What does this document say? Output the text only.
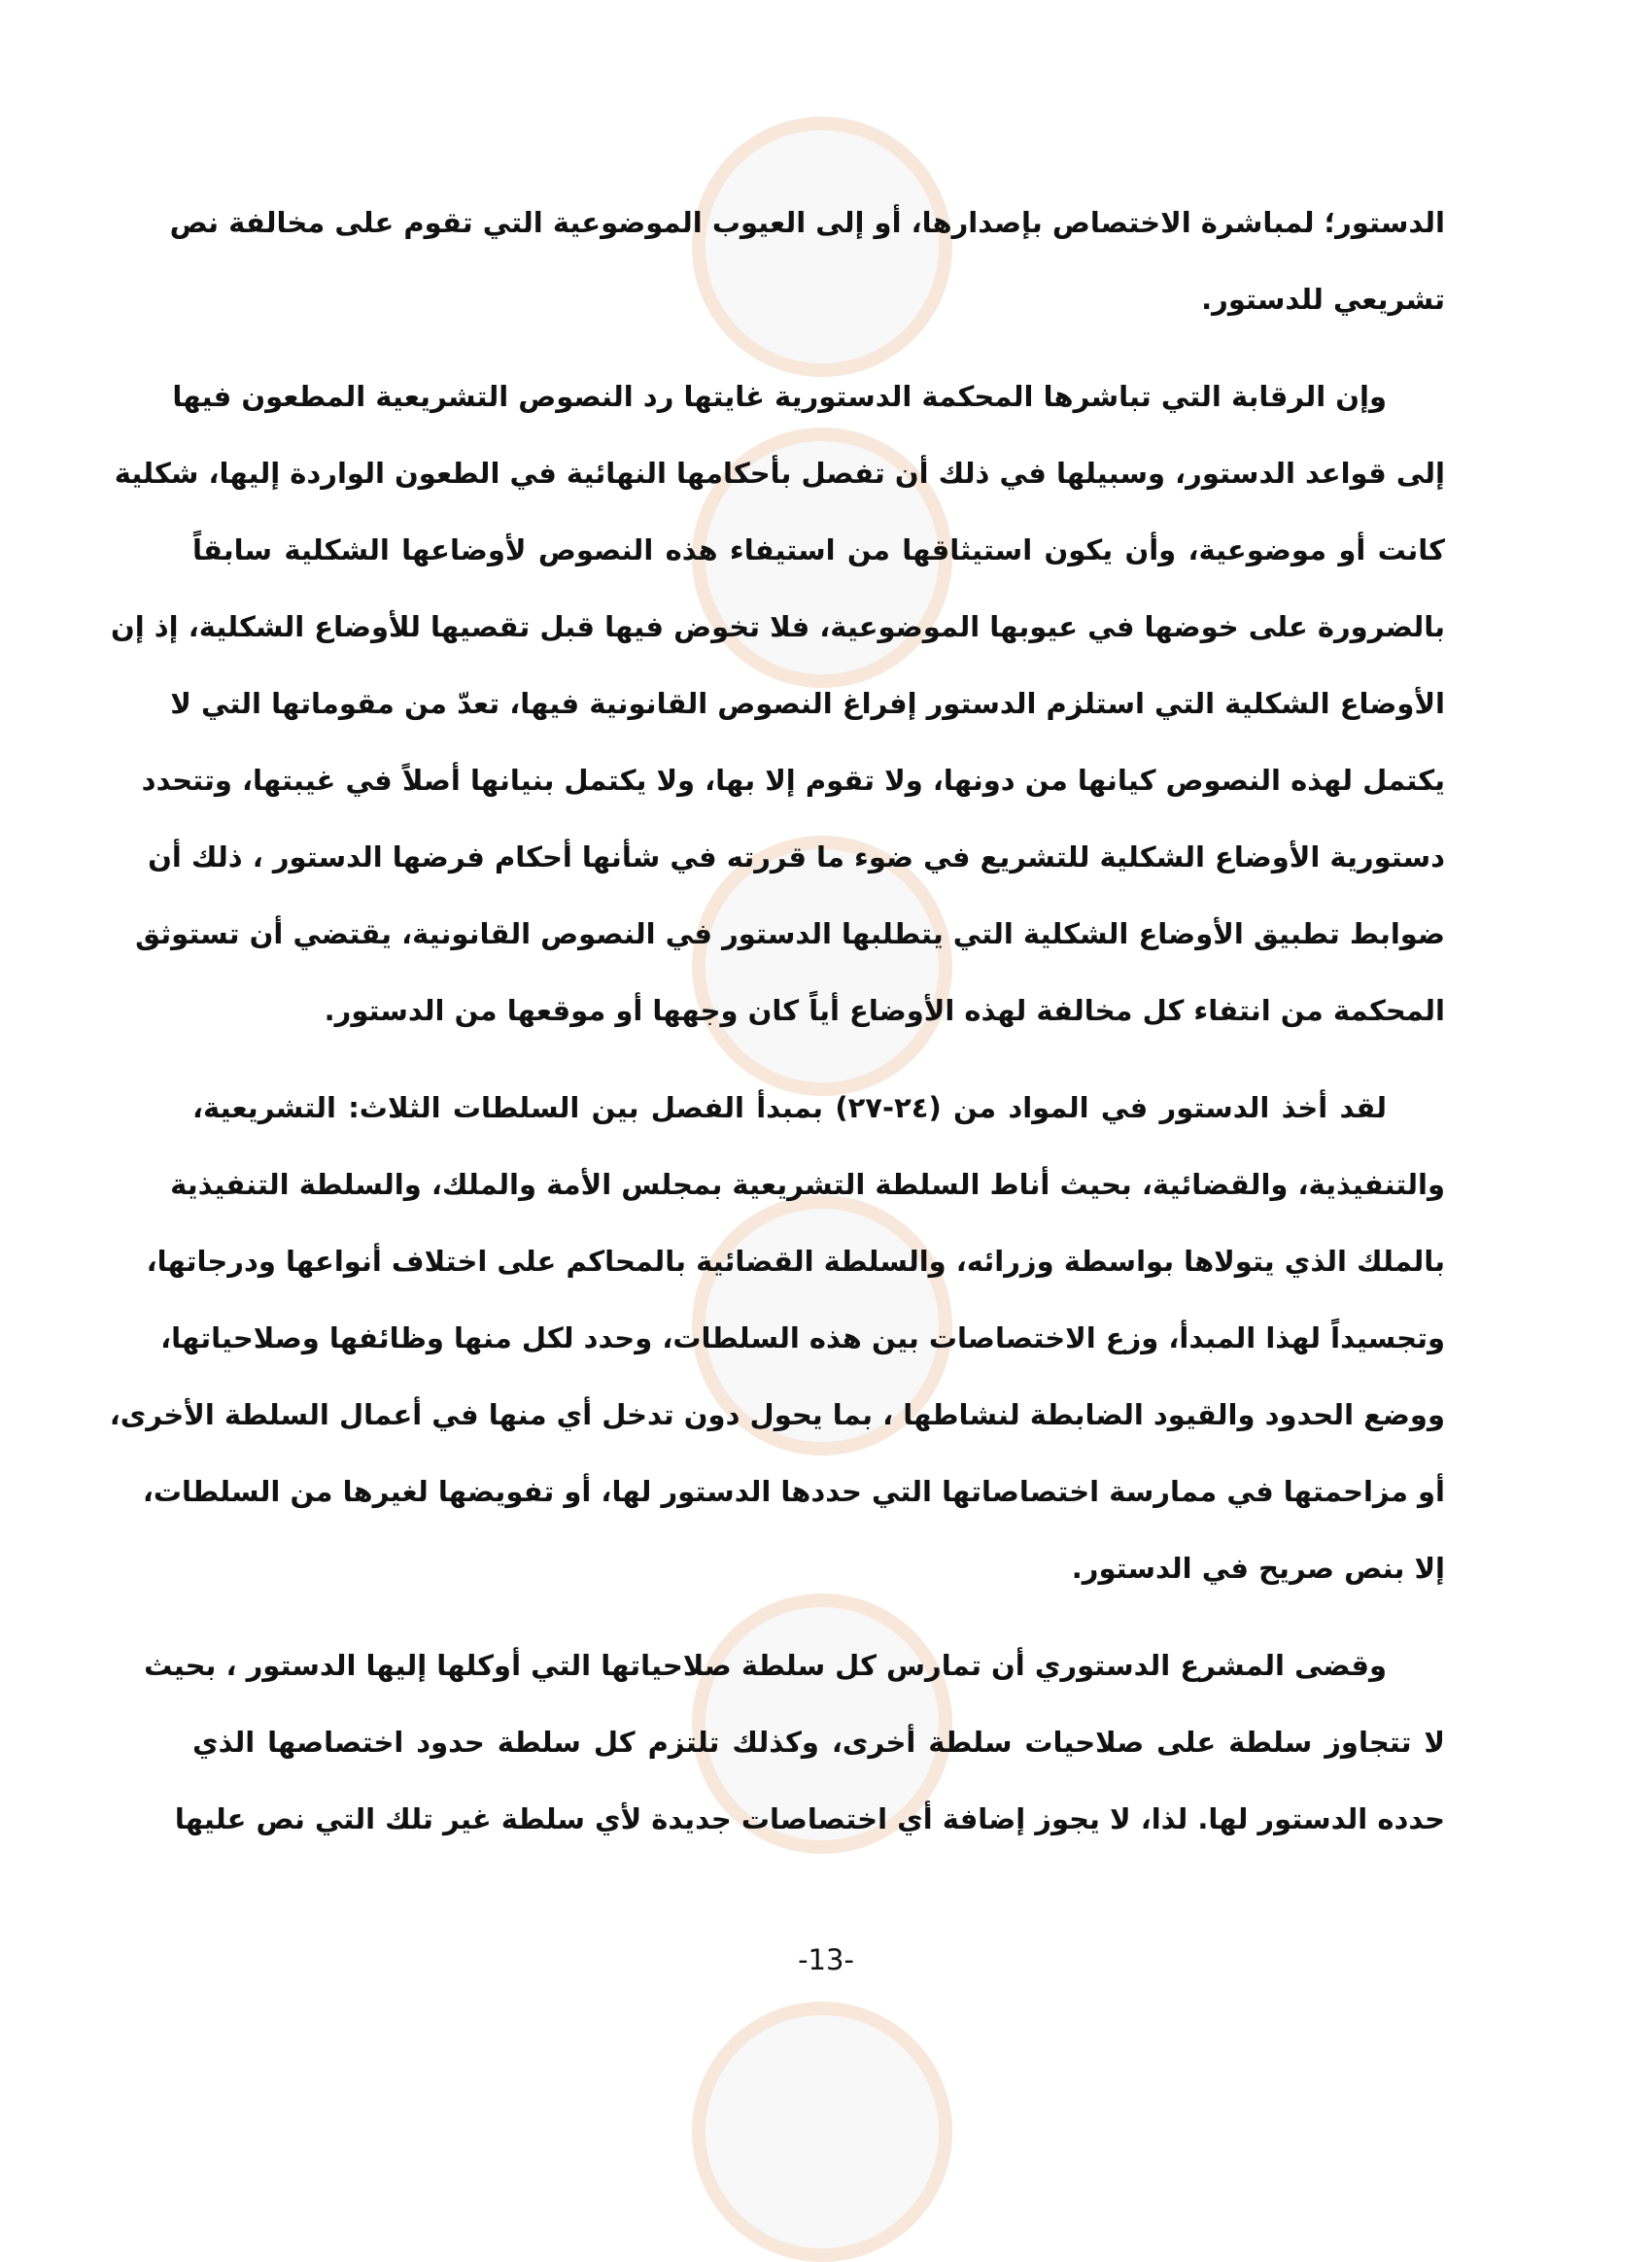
الدستور؛ لمباشرة الاختصاص بإصدارها، أو إلى العيوب الموضوعية التي تقوم على مخالفة نص
تشريعي للدستور.
وإن الرقابة التي تباشرها المحكمة الدستورية غايتها رد النصوص التشريعية المطعون فيها
إلى قواعد الدستور، وسبيلها في ذلك أن تفصل بأحكامها النهائية في الطعون الواردة إليها، شكلية
كانت أو موضوعية، وأن يكون استيثاقها من استيفاء هذه النصوص لأوضاعها الشكلية سابقاً
بالضرورة على خوضها في عيوبها الموضوعية، فلا تخوض فيها قبل تقصيها للأوضاع الشكلية، إذ إن
الأوضاع الشكلية التي استلزم الدستور إفراغ النصوص القانونية فيها، تعدّ من مقوماتها التي لا
يكتمل لهذه النصوص كيانها من دونها، ولا تقوم إلا بها، ولا يكتمل بنيانها أصلاً في غيبتها، وتتحدد
دستورية الأوضاع الشكلية للتشريع في ضوء ما قررته في شأنها أحكام فرضها الدستور ، ذلك أن
ضوابط تطبيق الأوضاع الشكلية التي يتطلبها الدستور في النصوص القانونية، يقتضي أن تستوثق
المحكمة من انتفاء كل مخالفة لهذه الأوضاع أياً كان وجهها أو موقعها من الدستور.
لقد أخذ الدستور في المواد من (٢٤-٢٧) بمبدأ الفصل بين السلطات الثلاث: التشريعية،
والتنفيذية، والقضائية، بحيث أناط السلطة التشريعية بمجلس الأمة والملك، والسلطة التنفيذية
بالملك الذي يتولاها بواسطة وزرائه، والسلطة القضائية بالمحاكم على اختلاف أنواعها ودرجاتها،
وتجسيداً لهذا المبدأ، وزع الاختصاصات بين هذه السلطات، وحدد لكل منها وظائفها وصلاحياتها،
ووضع الحدود والقيود الضابطة لنشاطها ، بما يحول دون تدخل أي منها في أعمال السلطة الأخرى،
أو مزاحمتها في ممارسة اختصاصاتها التي حددها الدستور لها، أو تفويضها لغيرها من السلطات،
إلا بنص صريح في الدستور.
وقضى المشرع الدستوري أن تمارس كل سلطة صلاحياتها التي أوكلها إليها الدستور ، بحيث
لا تتجاوز سلطة على صلاحيات سلطة أخرى، وكذلك تلتزم كل سلطة حدود اختصاصها الذي
حدده الدستور لها. لذا، لا يجوز إضافة أي اختصاصات جديدة لأي سلطة غير تلك التي نص عليها
-13-
